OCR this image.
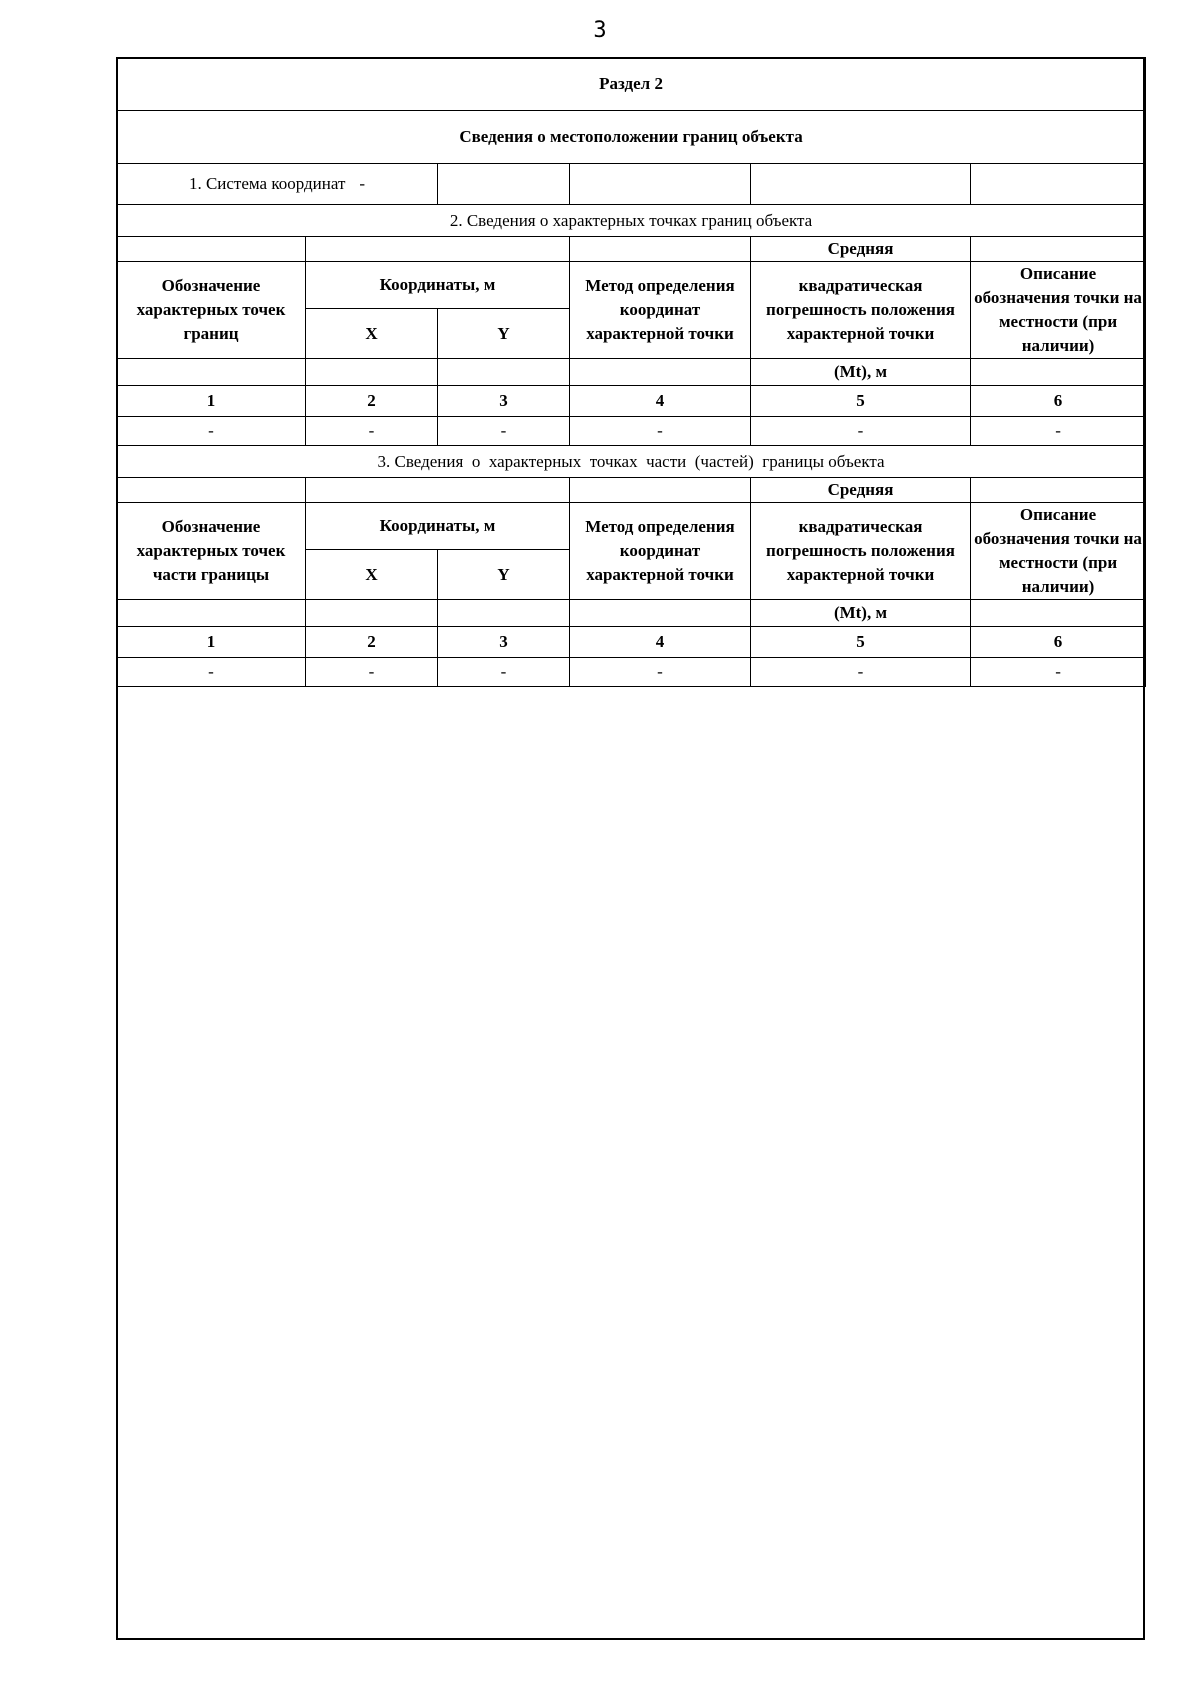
3
Раздел 2					
Сведения о местоположении границ объекта					
1. Система координат -					
2. Сведения о характерных точках границ объекта					
				Средняя	
Обозначение характерных точек границ	Координаты, м		Метод определения координат характерной точки	квадратическая погрешность положения характерной точки	Описание обозначения точки на местности (при наличии)
	X	Y			
				(Mt), м	
1	2	3	4	5	6
-	-	-	-	-	-
3. Сведения  о  характерных  точках  части  (частей)  границы объекта					
				Средняя	
Обозначение характерных точек части границы	Координаты, м		Метод определения координат характерной точки	квадратическая погрешность положения характерной точки	Описание обозначения точки на местности (при наличии)
	X	Y			
				(Mt), м	
1	2	3	4	5	6
-	-	-	-	-	-
